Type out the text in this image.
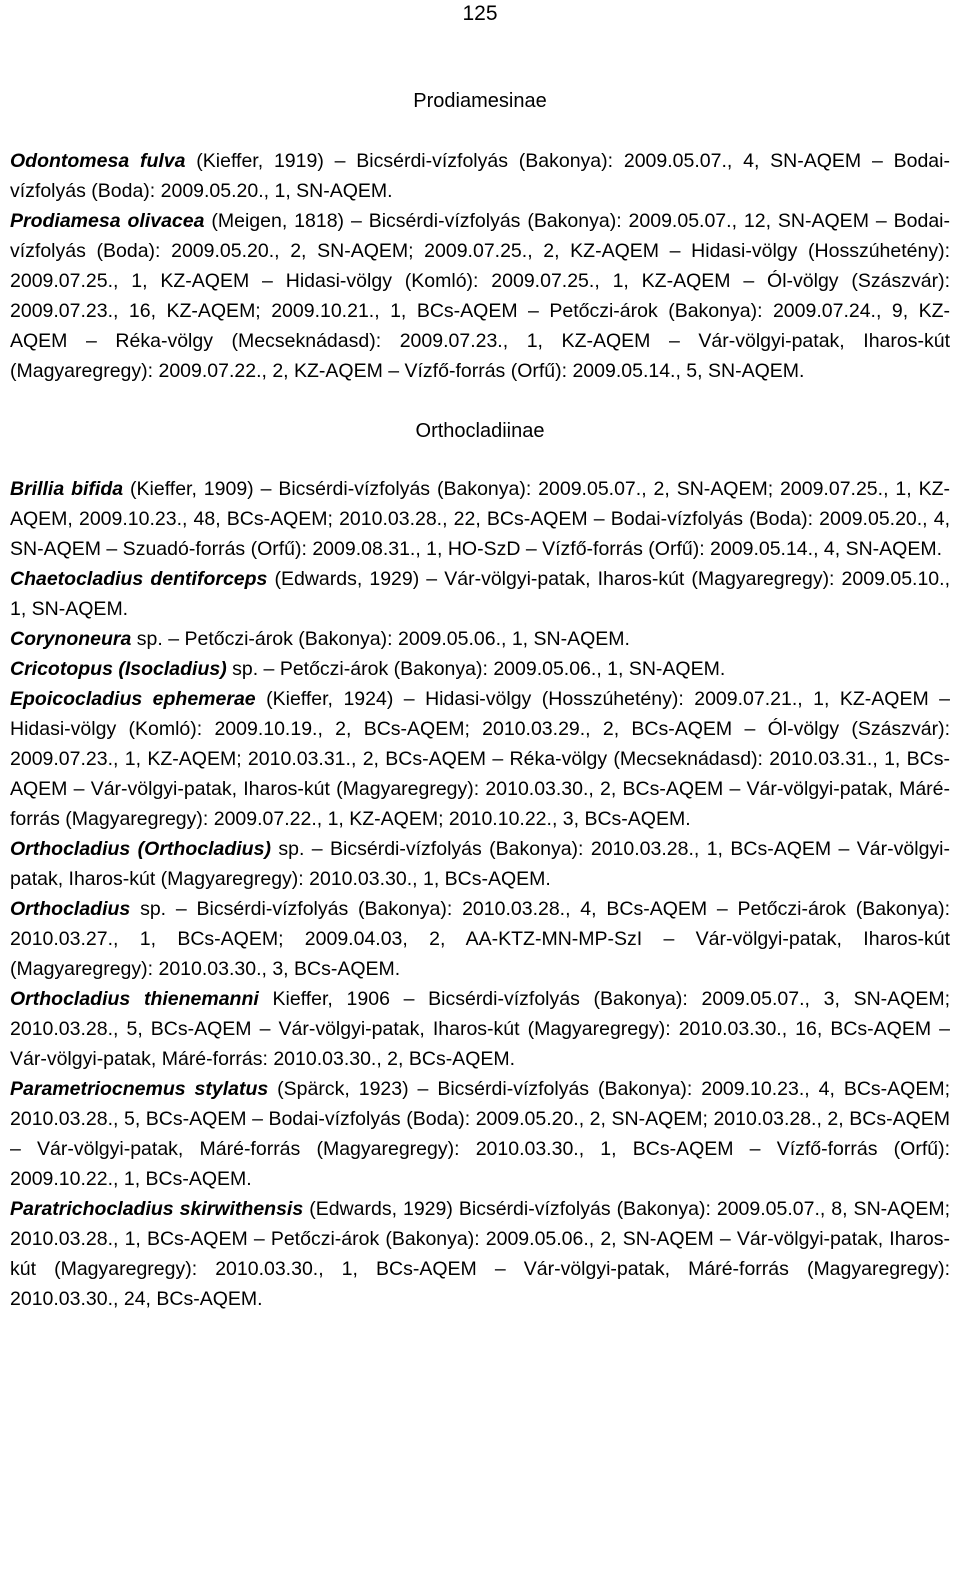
125
Prodiamesinae

Odontomesa fulva (Kieffer, 1919) – Bicsérdi-vízfolyás (Bakonya): 2009.05.07., 4, SN-AQEM – Bodai-vízfolyás (Boda): 2009.05.20., 1, SN-AQEM.

Prodiamesa olivacea (Meigen, 1818) – Bicsérdi-vízfolyás (Bakonya): 2009.05.07., 12, SN-AQEM – Bodai-vízfolyás (Boda): 2009.05.20., 2, SN-AQEM; 2009.07.25., 2, KZ-AQEM – Hidasi-völgy (Hosszúhetény): 2009.07.25., 1, KZ-AQEM – Hidasi-völgy (Komló): 2009.07.25., 1, KZ-AQEM – Ól-völgy (Szászvár): 2009.07.23., 16, KZ-AQEM; 2009.10.21., 1, BCs-AQEM – Petőczi-árok (Bakonya): 2009.07.24., 9, KZ-AQEM – Réka-völgy (Mecseknádasd): 2009.07.23., 1, KZ-AQEM – Vár-völgyi-patak, Iharos-kút (Magyaregregy): 2009.07.22., 2, KZ-AQEM – Vízfő-forrás (Orfű): 2009.05.14., 5, SN-AQEM.

Orthocladiinae

Brillia bifida (Kieffer, 1909) – Bicsérdi-vízfolyás (Bakonya): 2009.05.07., 2, SN-AQEM; 2009.07.25., 1, KZ-AQEM, 2009.10.23., 48, BCs-AQEM; 2010.03.28., 22, BCs-AQEM – Bodai-vízfolyás (Boda): 2009.05.20., 4, SN-AQEM – Szuadó-forrás (Orfű): 2009.08.31., 1, HO-SzD – Vízfő-forrás (Orfű): 2009.05.14., 4, SN-AQEM.

Chaetocladius dentiforceps (Edwards, 1929) – Vár-völgyi-patak, Iharos-kút (Magyaregregy): 2009.05.10., 1, SN-AQEM.

Corynoneura sp. – Petőczi-árok (Bakonya): 2009.05.06., 1, SN-AQEM.

Cricotopus (Isocladius) sp. – Petőczi-árok (Bakonya): 2009.05.06., 1, SN-AQEM.

Epoicocladius ephemerae (Kieffer, 1924) – Hidasi-völgy (Hosszúhetény): 2009.07.21., 1, KZ-AQEM – Hidasi-völgy (Komló): 2009.10.19., 2, BCs-AQEM; 2010.03.29., 2, BCs-AQEM – Ól-völgy (Szászvár): 2009.07.23., 1, KZ-AQEM; 2010.03.31., 2, BCs-AQEM – Réka-völgy (Mecseknádasd): 2010.03.31., 1, BCs-AQEM – Vár-völgyi-patak, Iharos-kút (Magyaregregy): 2010.03.30., 2, BCs-AQEM – Vár-völgyi-patak, Máré-forrás (Magyaregregy): 2009.07.22., 1, KZ-AQEM; 2010.10.22., 3, BCs-AQEM.

Orthocladius (Orthocladius) sp. – Bicsérdi-vízfolyás (Bakonya): 2010.03.28., 1, BCs-AQEM – Vár-völgyi-patak, Iharos-kút (Magyaregregy): 2010.03.30., 1, BCs-AQEM.

Orthocladius sp. – Bicsérdi-vízfolyás (Bakonya): 2010.03.28., 4, BCs-AQEM – Petőczi-árok (Bakonya): 2010.03.27., 1, BCs-AQEM; 2009.04.03, 2, AA-KTZ-MN-MP-SzI – Vár-völgyi-patak, Iharos-kút (Magyaregregy): 2010.03.30., 3, BCs-AQEM.

Orthocladius thienemanni Kieffer, 1906 – Bicsérdi-vízfolyás (Bakonya): 2009.05.07., 3, SN-AQEM; 2010.03.28., 5, BCs-AQEM – Vár-völgyi-patak, Iharos-kút (Magyaregregy): 2010.03.30., 16, BCs-AQEM – Vár-völgyi-patak, Máré-forrás: 2010.03.30., 2, BCs-AQEM.

Parametriocnemus stylatus (Spärck, 1923) – Bicsérdi-vízfolyás (Bakonya): 2009.10.23., 4, BCs-AQEM; 2010.03.28., 5, BCs-AQEM – Bodai-vízfolyás (Boda): 2009.05.20., 2, SN-AQEM; 2010.03.28., 2, BCs-AQEM – Vár-völgyi-patak, Máré-forrás (Magyaregregy): 2010.03.30., 1, BCs-AQEM – Vízfő-forrás (Orfű): 2009.10.22., 1, BCs-AQEM.

Paratrichocladius skirwithensis (Edwards, 1929) Bicsérdi-vízfolyás (Bakonya): 2009.05.07., 8, SN-AQEM; 2010.03.28., 1, BCs-AQEM – Petőczi-árok (Bakonya): 2009.05.06., 2, SN-AQEM – Vár-völgyi-patak, Iharos-kút (Magyaregregy): 2010.03.30., 1, BCs-AQEM – Vár-völgyi-patak, Máré-forrás (Magyaregregy): 2010.03.30., 24, BCs-AQEM.
